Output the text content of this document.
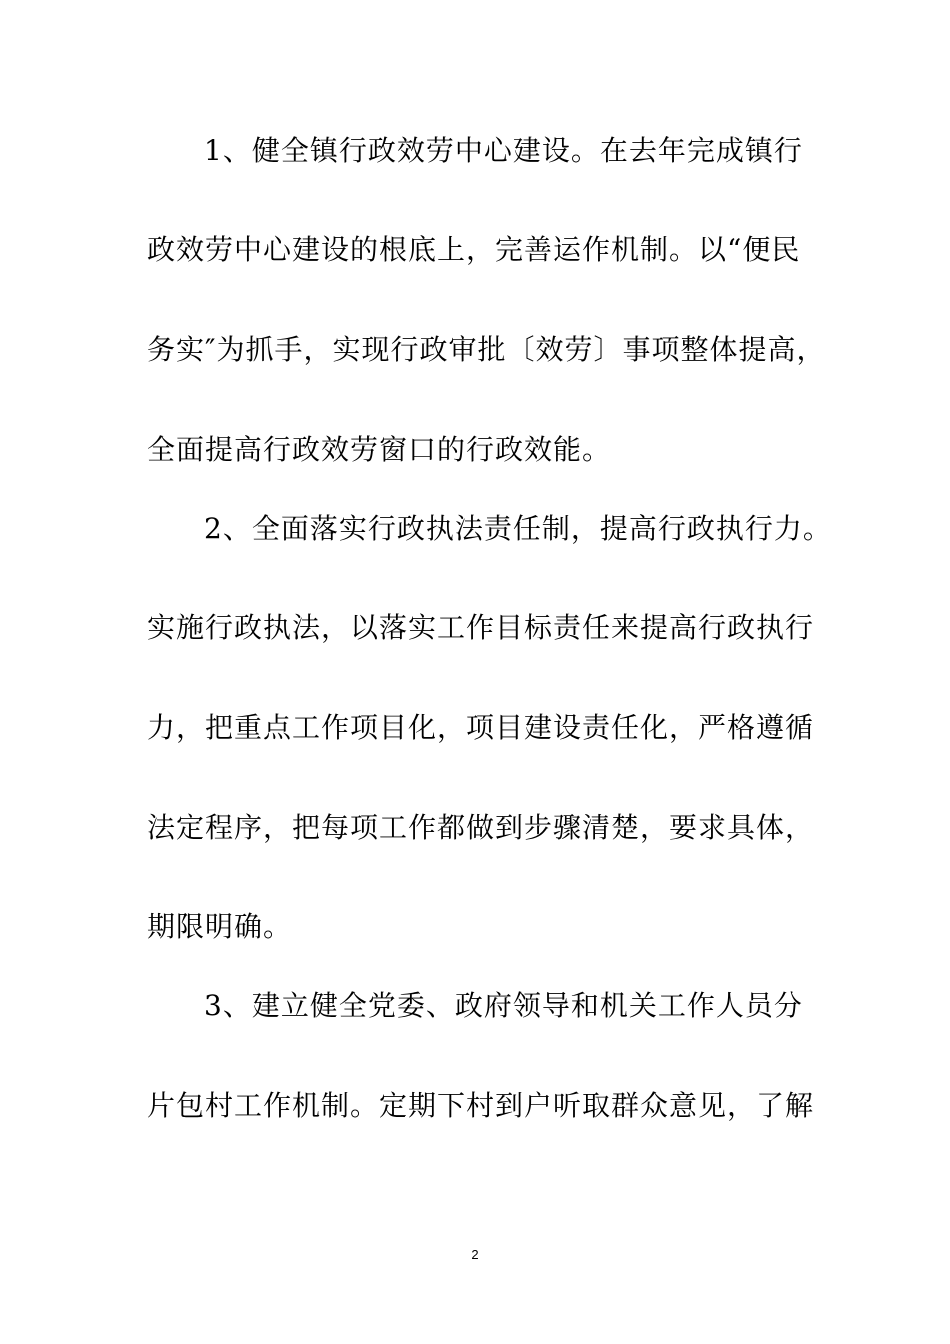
1、健全镇行政效劳中心建设。在去年完成镇行
政效劳中心建设的根底上，完善运作机制。以“便民
务实″为抓手，实现行政审批〔效劳〕事项整体提高，
全面提高行政效劳窗口的行政效能。
2、全面落实行政执法责任制，提高行政执行力。
实施行政执法，以落实工作目标责任来提高行政执行
力，把重点工作项目化，项目建设责任化，严格遵循
法定程序，把每项工作都做到步骤清楚，要求具体，
期限明确。
3、建立健全党委、政府领导和机关工作人员分
片包村工作机制。定期下村到户听取群众意见，了解
2
